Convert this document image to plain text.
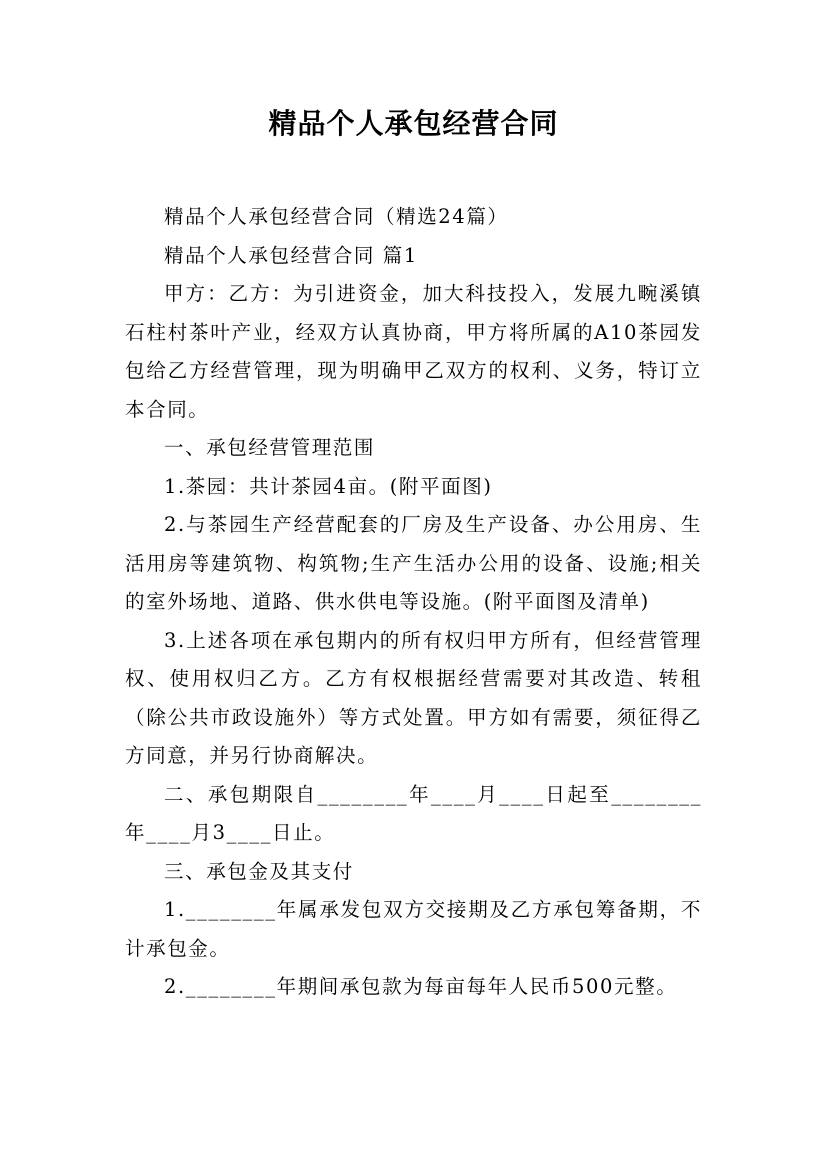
精品个人承包经营合同

精品个人承包经营合同（精选24篇）

精品个人承包经营合同 篇1

甲方：乙方：为引进资金，加大科技投入，发展九畹溪镇石柱村茶叶产业，经双方认真协商，甲方将所属的A10茶园发包给乙方经营管理，现为明确甲乙双方的权利、义务，特订立本合同。

一、承包经营管理范围

1.茶园：共计茶园4亩。(附平面图)

2.与茶园生产经营配套的厂房及生产设备、办公用房、生活用房等建筑物、构筑物;生产生活办公用的设备、设施;相关的室外场地、道路、供水供电等设施。(附平面图及清单)

3.上述各项在承包期内的所有权归甲方所有，但经营管理权、使用权归乙方。乙方有权根据经营需要对其改造、转租（除公共市政设施外）等方式处置。甲方如有需要，须征得乙方同意，并另行协商解决。

二、承包期限自________年____月____日起至________年____月3____日止。

三、承包金及其支付

1.________年属承发包双方交接期及乙方承包筹备期，不计承包金。

2.________年期间承包款为每亩每年人民币500元整。
